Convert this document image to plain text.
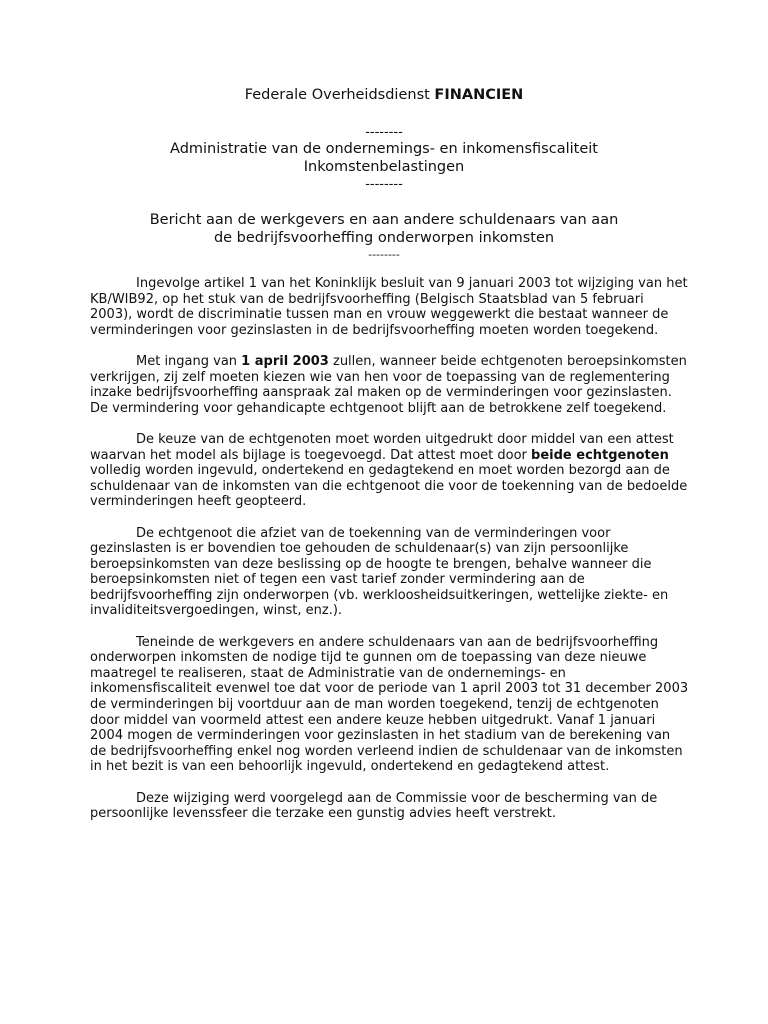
Federale Overheidsdienst FINANCIEN
--------
Administratie van de ondernemings- en inkomensfiscaliteit
Inkomstenbelastingen
--------
Bericht aan de werkgevers en aan andere schuldenaars van aan
de bedrijfsvoorheffing onderworpen inkomsten
--------

Ingevolge artikel 1 van het Koninklijk besluit van 9 januari 2003 tot wijziging van het KB/WIB92, op het stuk van de bedrijfsvoorheffing (Belgisch Staatsblad van 5 februari 2003), wordt de discriminatie tussen man en vrouw weggewerkt die bestaat wanneer de verminderingen voor gezinslasten in de bedrijfsvoorheffing moeten worden toegekend.

Met ingang van 1 april 2003 zullen, wanneer beide echtgenoten beroepsinkomsten verkrijgen, zij zelf moeten kiezen wie van hen voor de toepassing van de reglementering inzake bedrijfsvoorheffing aanspraak zal maken op de verminderingen voor gezinslasten. De vermindering voor gehandicapte echtgenoot blijft aan de betrokkene zelf toegekend.

De keuze van de echtgenoten moet worden uitgedrukt door middel van een attest waarvan het model als bijlage is toegevoegd. Dat attest moet door beide echtgenoten volledig worden ingevuld, ondertekend en gedagtekend en moet worden bezorgd aan de schuldenaar van de inkomsten van die echtgenoot die voor de toekenning van de bedoelde verminderingen heeft geopteerd.

De echtgenoot die afziet van de toekenning van de verminderingen voor gezinslasten is er bovendien toe gehouden de schuldenaar(s) van zijn persoonlijke beroepsinkomsten van deze beslissing op de hoogte te brengen, behalve wanneer die beroepsinkomsten niet of tegen een vast tarief zonder vermindering aan de bedrijfsvoorheffing zijn onderworpen (vb. werkloosheidsuitkeringen, wettelijke ziekte- en invaliditeitsvergoedingen, winst, enz.).

Teneinde de werkgevers en andere schuldenaars van aan de bedrijfsvoorheffing onderworpen inkomsten de nodige tijd te gunnen om de toepassing van deze nieuwe maatregel te realiseren, staat de Administratie van de ondernemings- en inkomensfiscaliteit evenwel toe dat voor de periode van 1 april 2003 tot 31 december 2003 de verminderingen bij voortduur aan de man worden toegekend, tenzij de echtgenoten door middel van voormeld attest een andere keuze hebben uitgedrukt. Vanaf 1 januari 2004 mogen de verminderingen voor gezinslasten in het stadium van de berekening van de bedrijfsvoorheffing enkel nog worden verleend indien de schuldenaar van de inkomsten in het bezit is van een behoorlijk ingevuld, ondertekend en gedagtekend attest.

Deze wijziging werd voorgelegd aan de Commissie voor de bescherming van de persoonlijke levenssfeer die terzake een gunstig advies heeft verstrekt.
